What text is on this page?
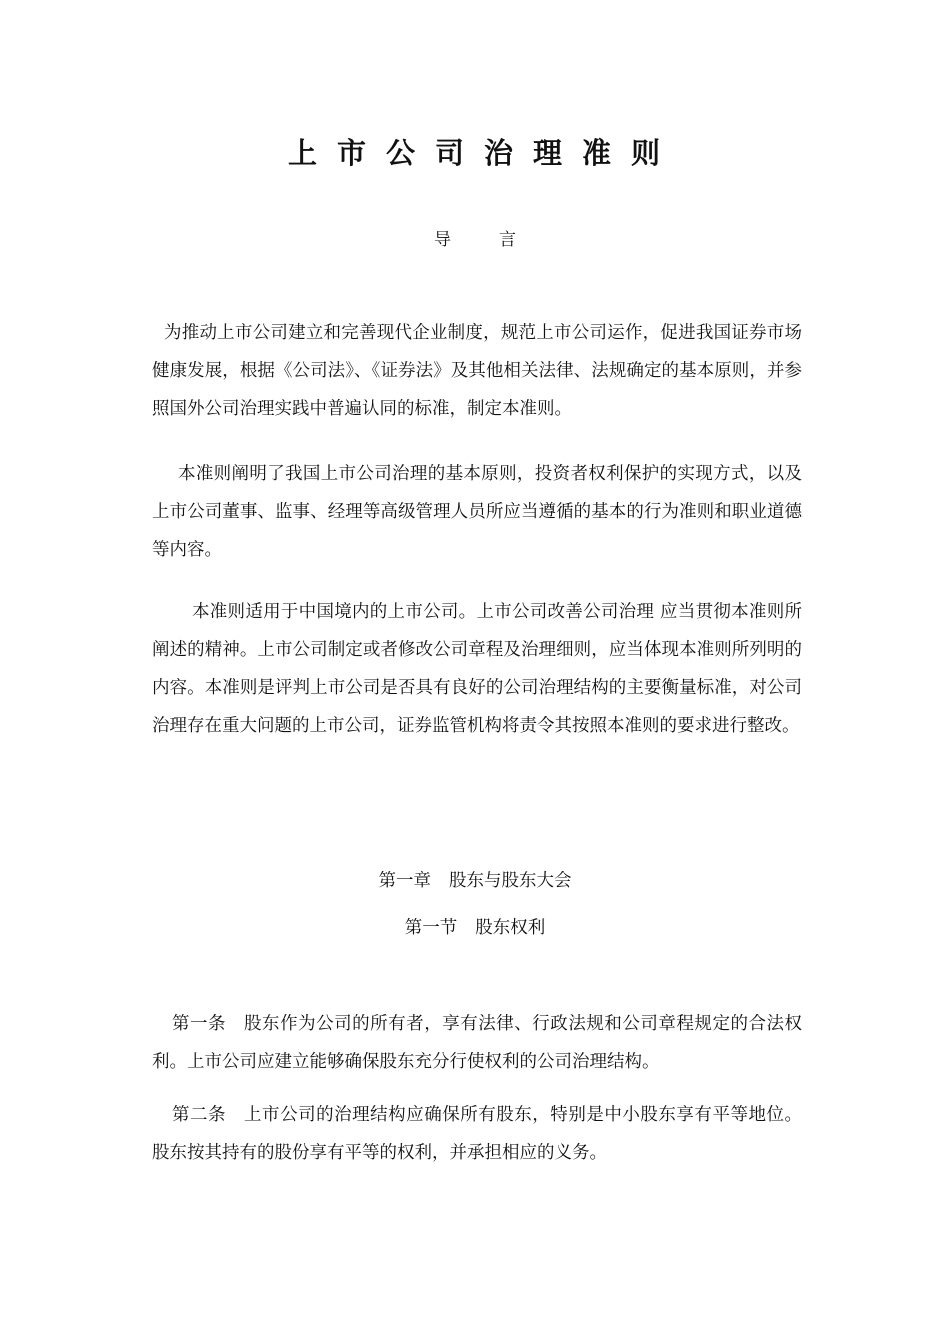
上市公司治理准则
导	言

为推动上市公司建立和完善现代企业制度，规范上市公司运作，促进我国证券市场健康发展，根据《公司法》、《证券法》及其他相关法律、法规确定的基本原则，并参照国外公司治理实践中普遍认同的标准，制定本准则。

本准则阐明了我国上市公司治理的基本原则，投资者权利保护的实现方式，以及上市公司董事、监事、经理等高级管理人员所应当遵循的基本的行为准则和职业道德等内容。

本准则适用于中国境内的上市公司。上市公司改善公司治理 应当贯彻本准则所阐述的精神。上市公司制定或者修改公司章程及治理细则，应当体现本准则所列明的内容。本准则是评判上市公司是否具有良好的公司治理结构的主要衡量标准，对公司治理存在重大问题的上市公司，证券监管机构将责令其按照本准则的要求进行整改。

第一章 股东与股东大会
第一节 股东权利

第一条 股东作为公司的所有者，享有法律、行政法规和公司章程规定的合法权利。上市公司应建立能够确保股东充分行使权利的公司治理结构。

第二条 上市公司的治理结构应确保所有股东，特别是中小股东享有平等地位。股东按其持有的股份享有平等的权利，并承担相应的义务。
